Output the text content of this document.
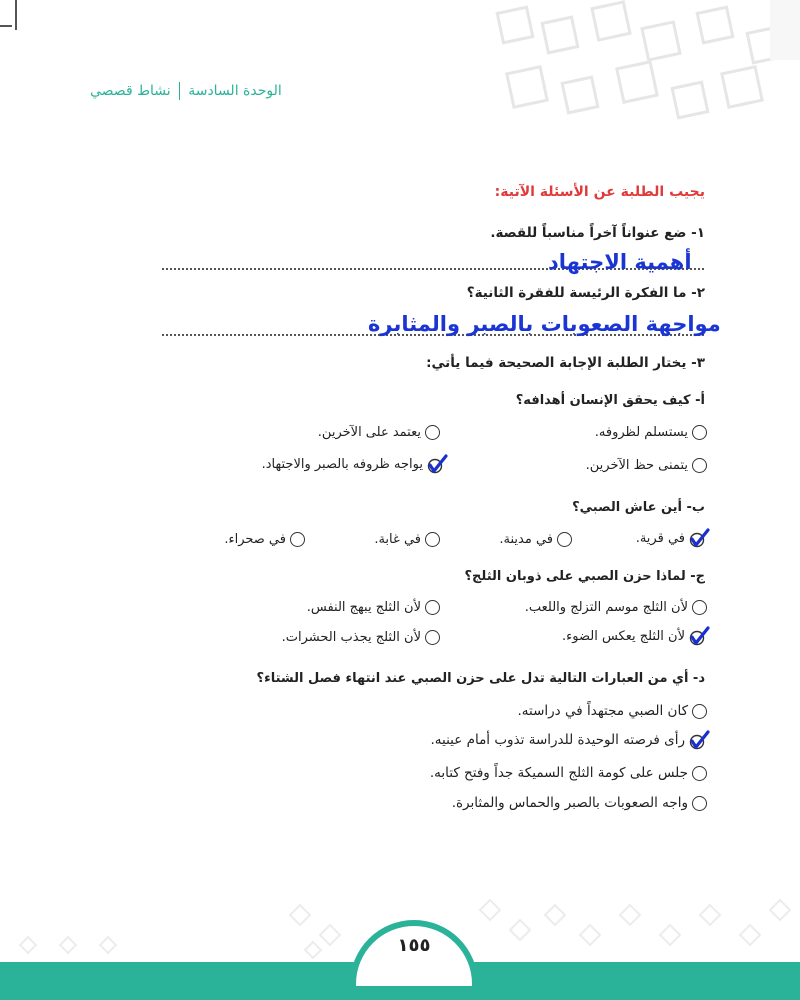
الوحدة السادسة
نشاط قصصي
يجيب الطلبة عن الأسئلة الآتية:
١- ضع عنواناً آخراً مناسباً للقصة.
أهمية الاجتهاد
٢- ما الفكرة الرئيسة للفقرة الثانية؟
مواجهة الصعوبات بالصبر والمثابرة
٣- يختار الطلبة الإجابة الصحيحة فيما يأتي:
أ- كيف يحقق الإنسان أهدافه؟
يستسلم لظروفه.
يعتمد على الآخرين.
يتمنى حظ الآخرين.
يواجه ظروفه بالصبر والاجتهاد.
ب- أين عاش الصبي؟
في قرية.
في مدينة.
في غابة.
في صحراء.
ج- لماذا حزن الصبي على ذوبان الثلج؟
لأن الثلج موسم التزلج واللعب.
لأن الثلج يبهج النفس.
لأن الثلج يعكس الضوء.
لأن الثلج يجذب الحشرات.
د- أي من العبارات التالية تدل على حزن الصبي عند انتهاء فصل الشتاء؟
كان الصبي مجتهداً في دراسته.
رأى فرصته الوحيدة للدراسة تذوب أمام عينيه.
جلس على كومة الثلج السميكة جداً وفتح كتابه.
واجه الصعوبات بالصبر والحماس والمثابرة.
١٥٥
